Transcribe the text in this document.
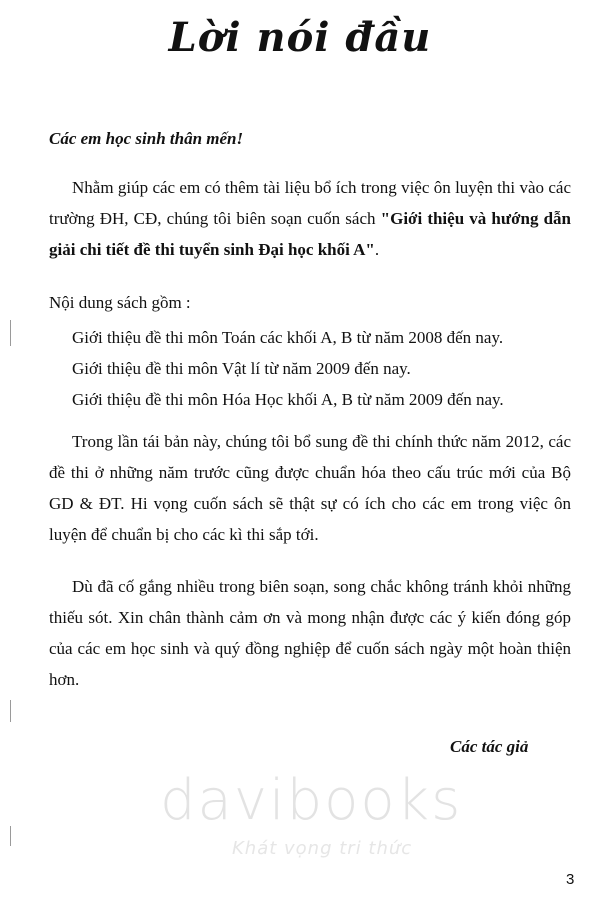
Lời nói đầu
Các em học sinh thân mến!

Nhằm giúp các em có thêm tài liệu bổ ích trong việc ôn luyện thi vào các trường ĐH, CĐ, chúng tôi biên soạn cuốn sách "Giới thiệu và hướng dẫn giải chi tiết đề thi tuyển sinh Đại học khối A".

Nội dung sách gồm :
Giới thiệu đề thi môn Toán các khối A, B từ năm 2008 đến nay.
Giới thiệu đề thi môn Vật lí từ năm 2009 đến nay.
Giới thiệu đề thi môn Hóa Học khối A, B từ năm 2009 đến nay.

Trong lần tái bản này, chúng tôi bổ sung đề thi chính thức năm 2012, các đề thi ở những năm trước cũng được chuẩn hóa theo cấu trúc mới của Bộ GD & ĐT. Hi vọng cuốn sách sẽ thật sự có ích cho các em trong việc ôn luyện để chuẩn bị cho các kì thi sắp tới.

Dù đã cố gắng nhiều trong biên soạn, song chắc không tránh khỏi những thiếu sót. Xin chân thành cảm ơn và mong nhận được các ý kiến đóng góp của các em học sinh và quý đồng nghiệp để cuốn sách ngày một hoàn thiện hơn.

Các tác giả
davibooks
Khát vọng tri thức
3
